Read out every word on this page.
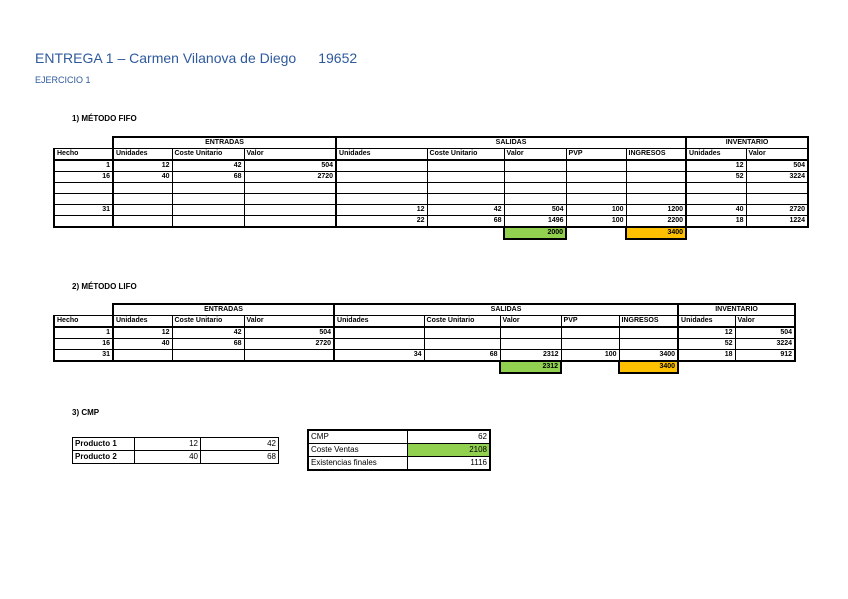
ENTREGA 1 – Carmen Vilanova de Diego 19652
EJERCICIO 1
1) MÉTODO FIFO
	ENTRADAS			SALIDAS					INVENTARIO	
Hecho	Unidades	Coste Unitario	Valor	Unidades	Coste Unitario	Valor	PVP	INGRESOS	Unidades	Valor
1	12	42	504						12	504
16	40	68	2720						52	3224

31				12	42	504	100	1200	40	2720
				22	68	1496	100	2200	18	1224
						2000		3400		
2) MÉTODO LIFO
	ENTRADAS			SALIDAS					INVENTARIO	
Hecho	Unidades	Coste Unitario	Valor	Unidades	Coste Unitario	Valor	PVP	INGRESOS	Unidades	Valor
1	12	42	504						12	504
16	40	68	2720						52	3224
31				34	68	2312	100	3400	18	912
						2312		3400		
3) CMP
Producto 1	12	42
Producto 2	40	68
CMP	62
Coste Ventas	2108
Existencias finales	1116
